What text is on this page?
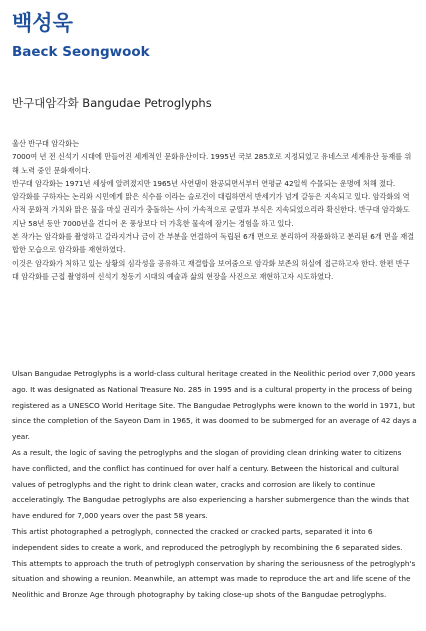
백성욱
Baeck Seongwook
반구대암각화 Bangudae Petroglyphs

울산 반구대 암각화는

7000여 년 전 신석기 시대에 만들어진 세계적인 문화유산이다. 1995년 국보 285호로 지정되었고 유네스코 세계유산 등재를 위해 노력 중인 문화재이다.

반구대 암각화는 1971년 세상에 알려졌지만 1965년 사연댐이 완공되면서부터 연평균 42일씩 수몰되는 운명에 처해 졌다.

암각화를 구하자는 논리와 시민에게 맑은 식수를 이라는 슬로건이 대립하면서 반세기가 넘게 갈등은 지속되고 있다. 암각화의 역사적 문화적 가치와 맑은 물을 마실 권리가 충돌하는 사이 가속적으로 균열과 부식은 지속되었으리라 확신한다. 반구대 암각화도 지난 58년 동안 7000년을 견디어 온 풍상보다 더 가혹한 물속에 잠기는 경험을 하고 있다.

본 작가는 암각화를 촬영하고 갈라지거나 금이 간 부분을 연결하여 독립된 6개 면으로 분리하여 작품화하고 분리된 6개 면을 재결합한 모습으로 암각화를 재현하였다.

이것은 암각화가 처하고 있는 상황의 심각성을 공유하고 재결합을 보여줌으로 암각화 보존의 허실에 접근하고자 한다. 한편 반구대 암각화를 근접 촬영하여 신석기 청동기 시대의 예술과 삶의 현장을 사진으로 재현하고자 시도하였다.

Ulsan Bangudae Petroglyphs is a world-class cultural heritage created in the Neolithic period over 7,000 years ago. It was designated as National Treasure No. 285 in 1995 and is a cultural property in the process of being registered as a UNESCO World Heritage Site. The Bangudae Petroglyphs were known to the world in 1971, but since the completion of the Sayeon Dam in 1965, it was doomed to be submerged for an average of 42 days a year.

As a result, the logic of saving the petroglyphs and the slogan of providing clean drinking water to citizens have conflicted, and the conflict has continued for over half a century. Between the historical and cultural values of petroglyphs and the right to drink clean water, cracks and corrosion are likely to continue acceleratingly. The Bangudae petroglyphs are also experiencing a harsher submergence than the winds that have endured for 7,000 years over the past 58 years.

This artist photographed a petroglyph, connected the cracked or cracked parts, separated it into 6 independent sides to create a work, and reproduced the petroglyph by recombining the 6 separated sides.

This attempts to approach the truth of petroglyph conservation by sharing the seriousness of the petroglyph's situation and showing a reunion. Meanwhile, an attempt was made to reproduce the art and life scene of the Neolithic and Bronze Age through photography by taking close-up shots of the Bangudae petroglyphs.
